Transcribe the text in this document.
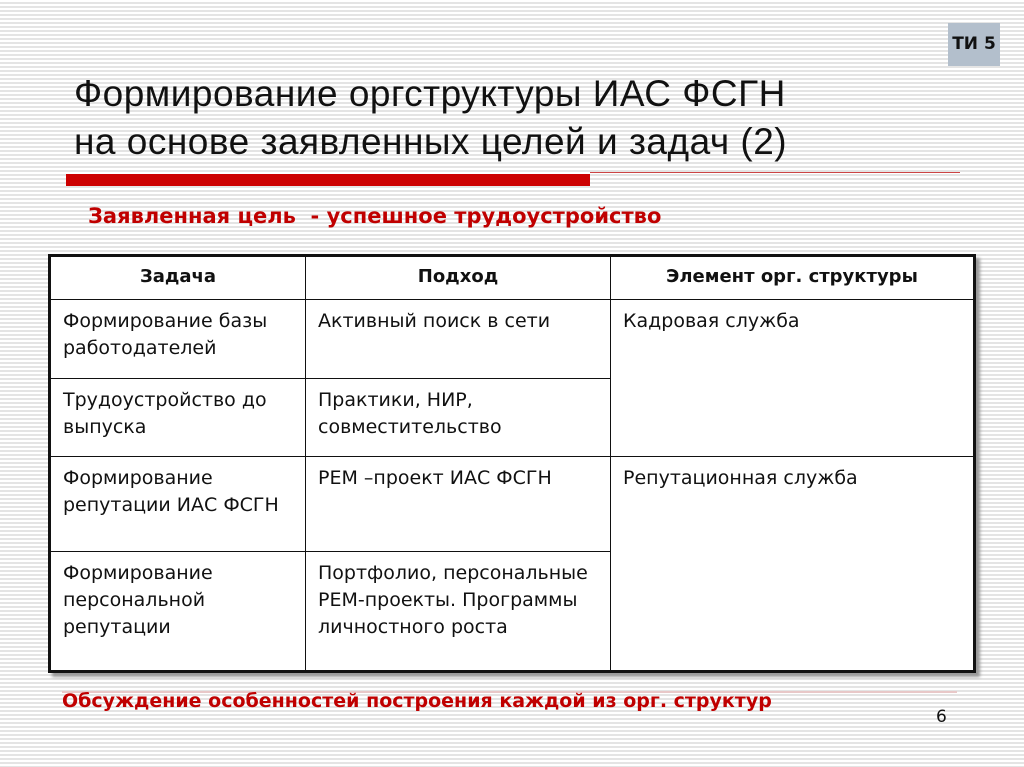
ТИ 5
Формирование оргструктуры ИАС ФСГН
на основе заявленных целей и задач (2)
Заявленная цель  - успешное трудоустройство
Задача	Подход	Элемент орг. структуры
Формирование базы работодателей	Активный поиск в сети	Кадровая служба
Трудоустройство до выпуска	Практики, НИР, совместительство	
Формирование репутации ИАС ФСГН	РЕМ –проект ИАС ФСГН	Репутационная служба
Формирование персональной репутации	Портфолио, персональные РЕМ-проекты. Программы личностного роста	
Обсуждение особенностей построения каждой из орг. структур
6
